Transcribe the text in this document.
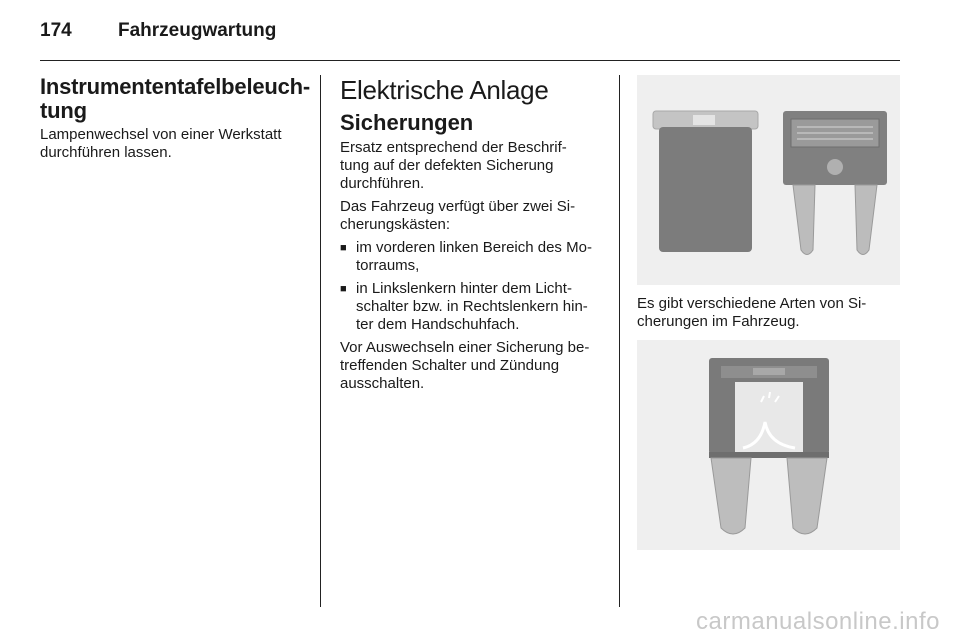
174 Fahrzeugwartung
Instrumententafelbeleuch-
tung

Lampenwechsel von einer Werkstatt
durchführen lassen.

Elektrische Anlage
Sicherungen

Ersatz entsprechend der Beschrif-
tung auf der defekten Sicherung
durchführen.

Das Fahrzeug verfügt über zwei Si-
cherungskästen:

■ im vorderen linken Bereich des Mo-
torraums,
■ in Linkslenkern hinter dem Licht-
schalter bzw. in Rechtslenkern hin-
ter dem Handschuhfach.

Vor Auswechseln einer Sicherung be-
treffenden Schalter und Zündung
ausschalten.

Es gibt verschiedene Arten von Si-
cherungen im Fahrzeug.

carmanualsonline.info
